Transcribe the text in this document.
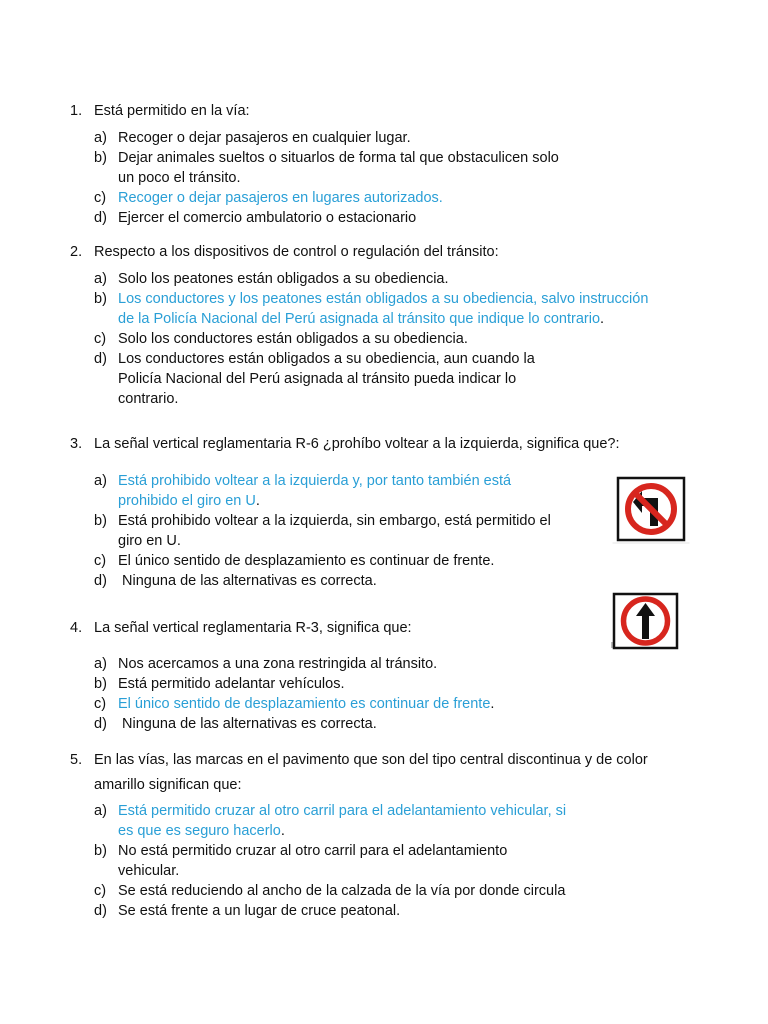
1. Está permitido en la vía:
a) Recoger o dejar pasajeros en cualquier lugar.
b) Dejar animales sueltos o situarlos de forma tal que obstaculicen solo
un poco el tránsito.
c) Recoger o dejar pasajeros en lugares autorizados.
d) Ejercer el comercio ambulatorio o estacionario
2. Respecto a los dispositivos de control o regulación del tránsito:
a) Solo los peatones están obligados a su obediencia.
b) Los conductores y los peatones están obligados a su obediencia, salvo instrucción
de la Policía Nacional del Perú asignada al tránsito que indique lo contrario.
c) Solo los conductores están obligados a su obediencia.
d) Los conductores están obligados a su obediencia, aun cuando la
Policía Nacional del Perú asignada al tránsito pueda indicar lo
contrario.
3. La señal vertical reglamentaria R-6 ¿prohíbo voltear a la izquierda, significa que?:
a) Está prohibido voltear a la izquierda y, por tanto también está
prohibido el giro en U.
b) Está prohibido voltear a la izquierda, sin embargo, está permitido el
giro en U.
c) El único sentido de desplazamiento es continuar de frente.
d) Ninguna de las alternativas es correcta.
4. La señal vertical reglamentaria R-3, significa que:
a) Nos acercamos a una zona restringida al tránsito.
b) Está permitido adelantar vehículos.
c) El único sentido de desplazamiento es continuar de frente.
d) Ninguna de las alternativas es correcta.
5. En las vías, las marcas en el pavimento que son del tipo central discontinua y de color
amarillo significan que:
a) Está permitido cruzar al otro carril para el adelantamiento vehicular, si
es que es seguro hacerlo.
b) No está permitido cruzar al otro carril para el adelantamiento
vehicular.
c) Se está reduciendo al ancho de la calzada de la vía por donde circula
d) Se está frente a un lugar de cruce peatonal.
